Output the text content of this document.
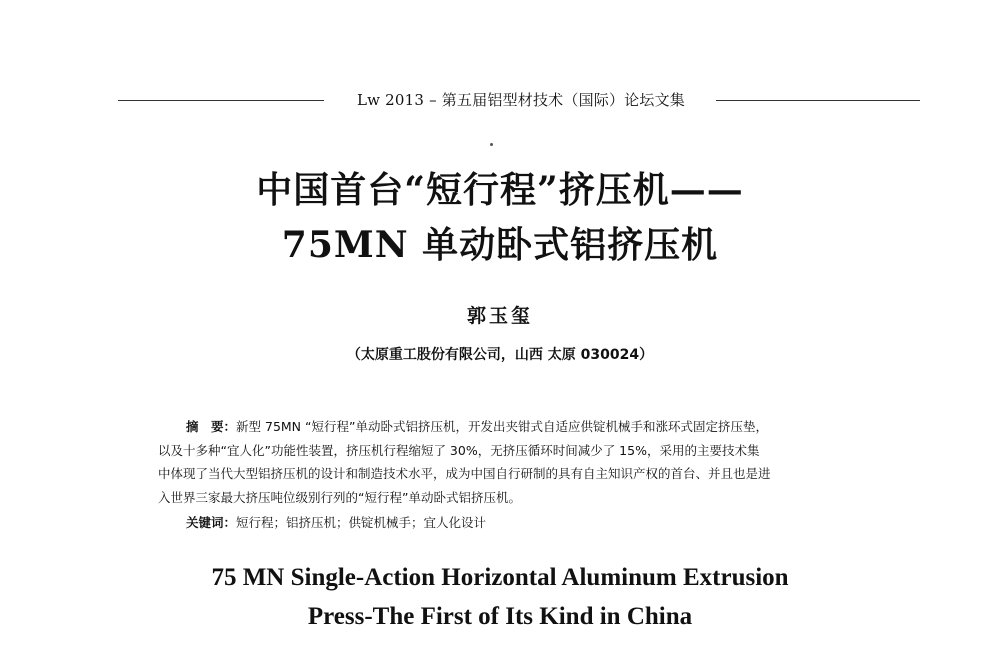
Lw 2013 – 第五届铝型材技术（国际）论坛文集
中国首台“短行程”挤压机——
75MN 单动卧式铝挤压机
郭玉玺
（太原重工股份有限公司，山西 太原 030024）
摘　要：新型 75MN “短行程”单动卧式铝挤压机，开发出夹钳式自适应供锭机械手和涨环式固定挤压垫，
以及十多种“宜人化”功能性装置，挤压机行程缩短了 30%，无挤压循环时间减少了 15%，采用的主要技术集
中体现了当代大型铝挤压机的设计和制造技术水平，成为中国自行研制的具有自主知识产权的首台、并且也是进
入世界三家最大挤压吨位级别行列的“短行程”单动卧式铝挤压机。
关键词：短行程；铝挤压机；供锭机械手；宜人化设计
75 MN Single-Action Horizontal Aluminum Extrusion
Press-The First of Its Kind in China
